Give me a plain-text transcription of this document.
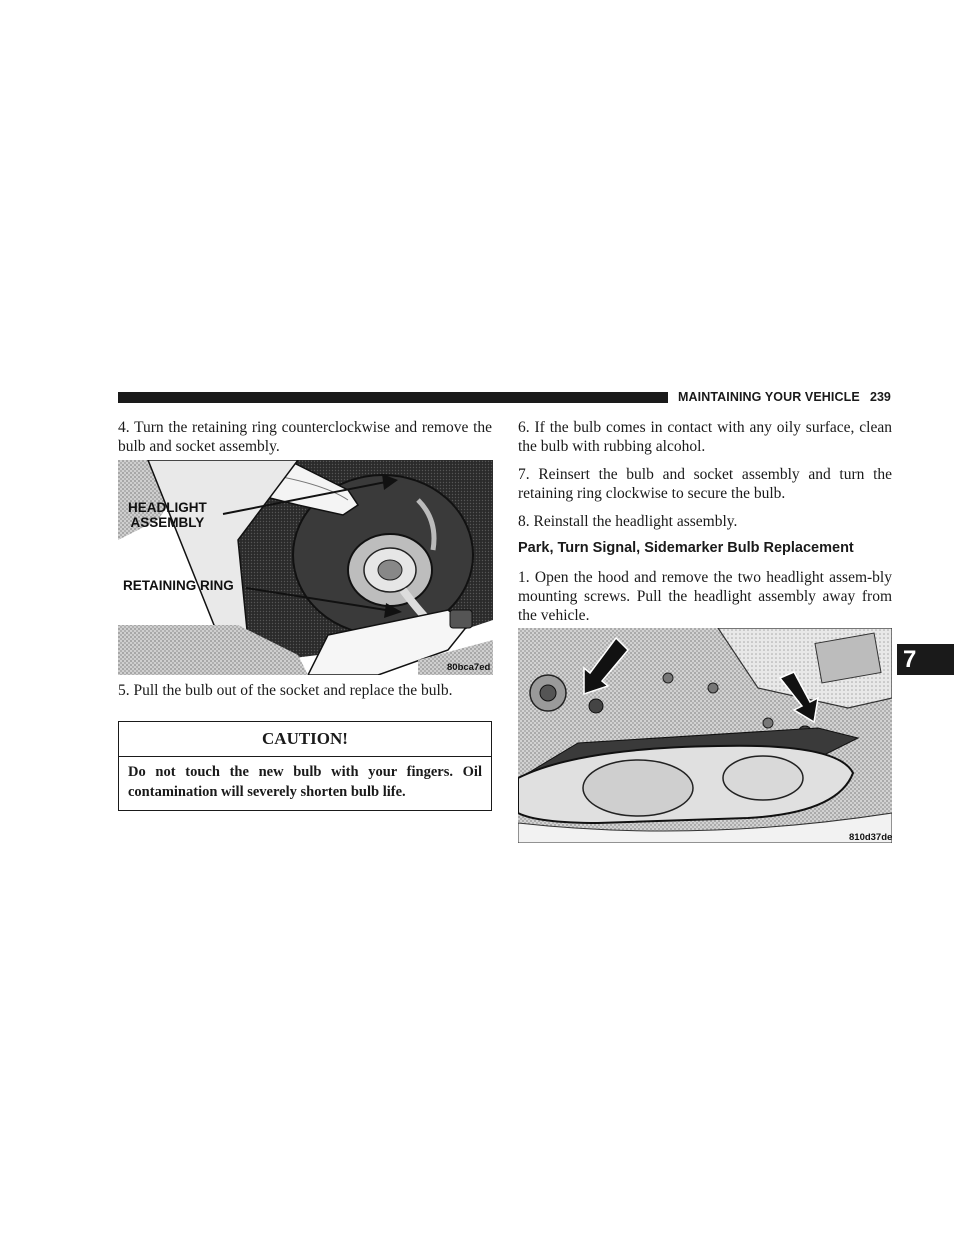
MAINTAINING YOUR VEHICLE 239

4. Turn the retaining ring counterclockwise and remove the bulb and socket assembly.

HEADLIGHT
ASSEMBLY
RETAINING RING
80bca7ed

5. Pull the bulb out of the socket and replace the bulb.

CAUTION!
Do not touch the new bulb with your fingers. Oil contamination will severely shorten bulb life.

6. If the bulb comes in contact with any oily surface, clean the bulb with rubbing alcohol.

7. Reinsert the bulb and socket assembly and turn the retaining ring clockwise to secure the bulb.

8. Reinstall the headlight assembly.

Park, Turn Signal, Sidemarker Bulb Replacement

1. Open the hood and remove the two headlight assem-bly mounting screws. Pull the headlight assembly away from the vehicle.

810d37de
7
